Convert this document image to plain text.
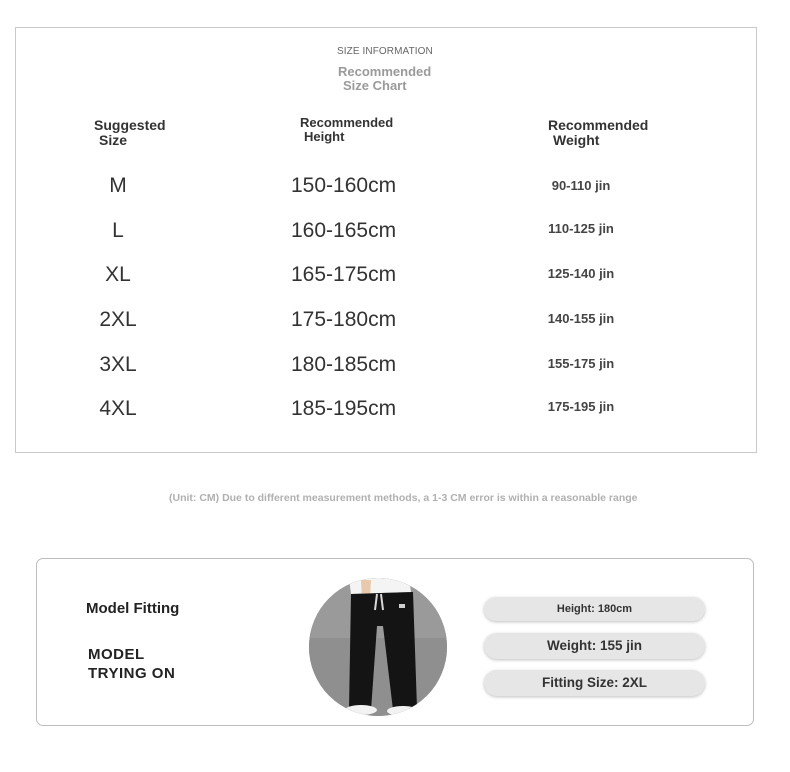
SIZE INFORMATION
Recommended
Size Chart
Suggested
Size
Recommended
Height
Recommended
Weight
M	150-160cm	90-110 jin
L	160-165cm	110-125 jin
XL	165-175cm	125-140 jin
2XL	175-180cm	140-155 jin
3XL	180-185cm	155-175 jin
4XL	185-195cm	175-195 jin
(Unit: CM) Due to different measurement methods, a 1-3 CM error is within a reasonable range
Model Fitting
MODEL
TRYING ON
Height: 180cm
Weight: 155 jin
Fitting Size: 2XL
